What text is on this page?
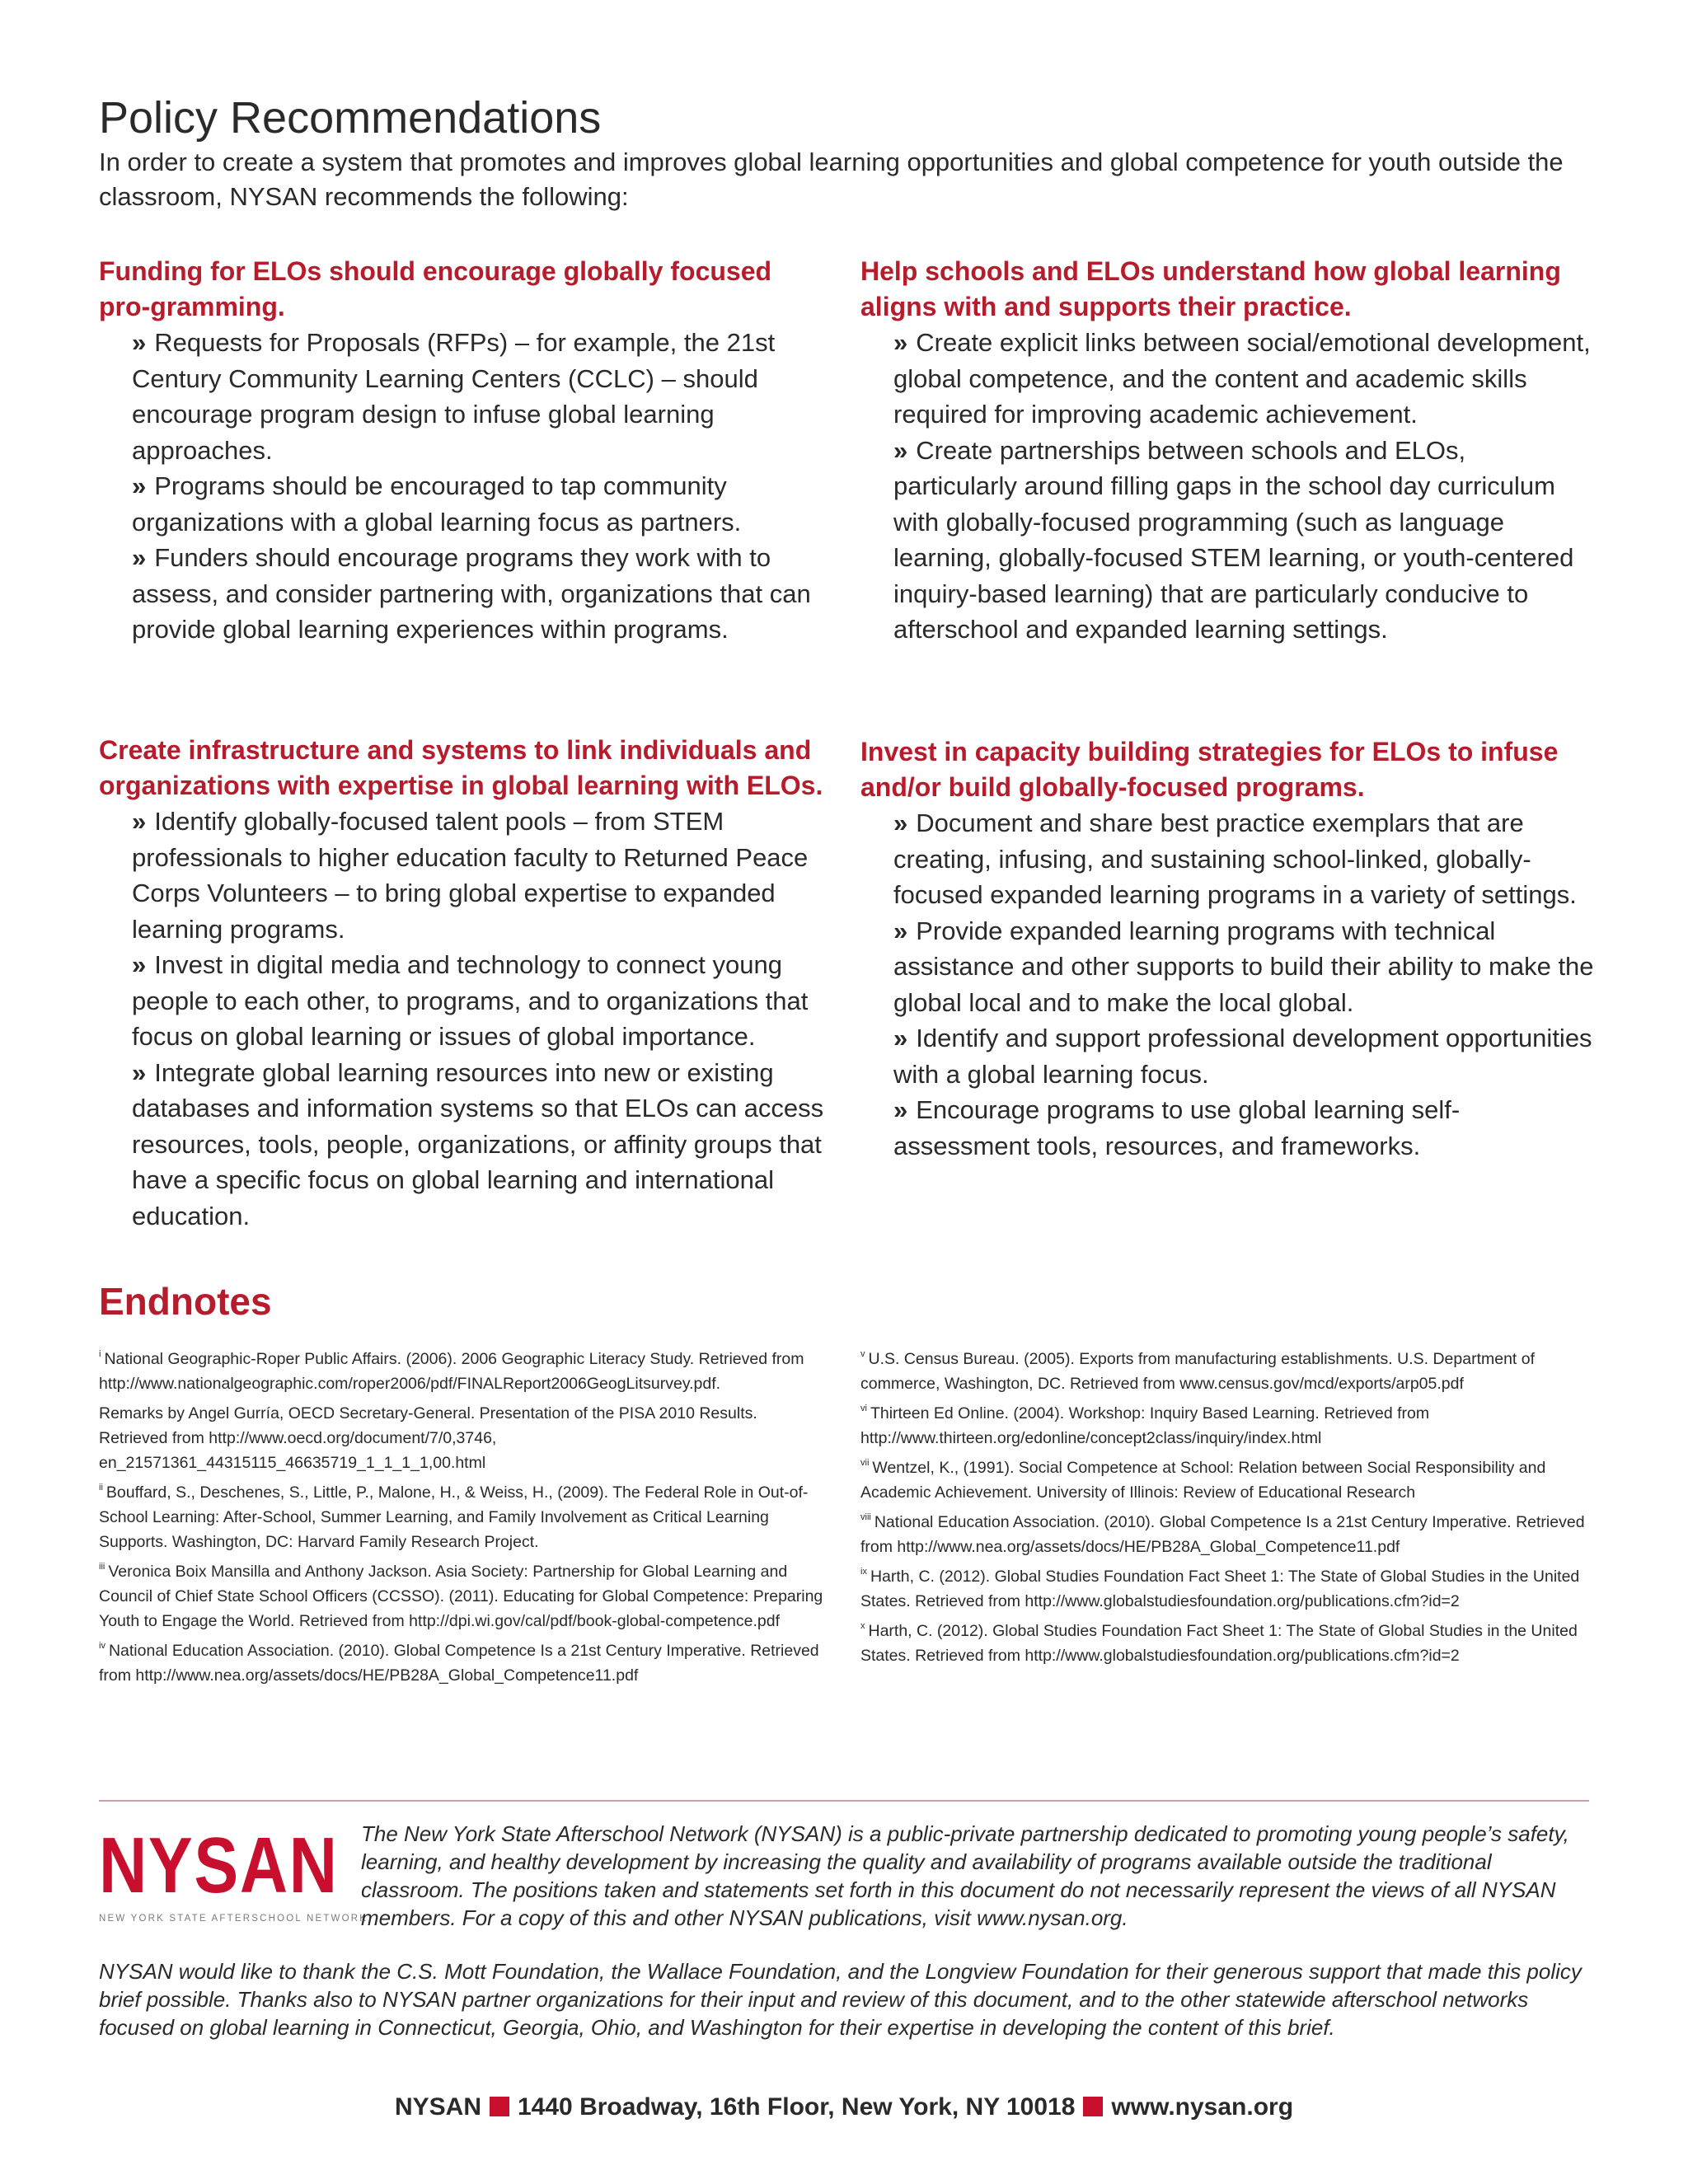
Policy Recommendations

In order to create a system that promotes and improves global learning opportunities and global competence for youth outside the classroom, NYSAN recommends the following:

Funding for ELOs should encourage globally focused pro-gramming.
» Requests for Proposals (RFPs) – for example, the 21st Century Community Learning Centers (CCLC) – should encourage program design to infuse global learning approaches.
» Programs should be encouraged to tap community organizations with a global learning focus as partners.
» Funders should encourage programs they work with to assess, and consider partnering with, organizations that can provide global learning experiences within programs.
Help schools and ELOs understand how global learning aligns with and supports their practice.
» Create explicit links between social/emotional development, global competence, and the content and academic skills required for improving academic achievement.
» Create partnerships between schools and ELOs, particularly around filling gaps in the school day curriculum with globally-focused programming (such as language learning, globally-focused STEM learning, or youth-centered inquiry-based learning) that are particularly conducive to afterschool and expanded learning settings.
Create infrastructure and systems to link individuals and organizations with expertise in global learning with ELOs.
» Identify globally-focused talent pools – from STEM professionals to higher education faculty to Returned Peace Corps Volunteers – to bring global expertise to expanded learning programs.
» Invest in digital media and technology to connect young people to each other, to programs, and to organizations that focus on global learning or issues of global importance.
» Integrate global learning resources into new or existing databases and information systems so that ELOs can access resources, tools, people, organizations, or affinity groups that have a specific focus on global learning and international education.
Invest in capacity building strategies for ELOs to infuse and/or build globally-focused programs.
» Document and share best practice exemplars that are creating, infusing, and sustaining school-linked, globally-focused expanded learning programs in a variety of settings.
» Provide expanded learning programs with technical assistance and other supports to build their ability to make the global local and to make the local global.
» Identify and support professional development opportunities with a global learning focus.
» Encourage programs to use global learning self-assessment tools, resources, and frameworks.
Endnotes

$^i$ National Geographic-Roper Public Affairs. (2006). 2006 Geographic Literacy Study. Retrieved from http://www.nationalgeographic.com/roper2006/pdf/FINALReport2006GeogLitsurvey.pdf.

Remarks by Angel Gurría, OECD Secretary-General. Presentation of the PISA 2010 Results. Retrieved from http://www.oecd.org/document/7/0,3746, en_21571361_44315115_46635719_1_1_1_1,00.html

$^{ii}$ Bouffard, S., Deschenes, S., Little, P., Malone, H., & Weiss, H., (2009). The Federal Role in Out-of-School Learning: After-School, Summer Learning, and Family Involvement as Critical Learning Supports. Washington, DC: Harvard Family Research Project.

$^{iii}$ Veronica Boix Mansilla and Anthony Jackson. Asia Society: Partnership for Global Learning and Council of Chief State School Officers (CCSSO). (2011). Educating for Global Competence: Preparing Youth to Engage the World. Retrieved from http://dpi.wi.gov/cal/pdf/book-global-competence.pdf

$^{iv}$ National Education Association. (2010). Global Competence Is a 21st Century Imperative. Retrieved from http://www.nea.org/assets/docs/HE/PB28A_Global_Competence11.pdf

$^v$ U.S. Census Bureau. (2005). Exports from manufacturing establishments. U.S. Department of commerce, Washington, DC. Retrieved from www.census.gov/mcd/exports/arp05.pdf

$^{vi}$ Thirteen Ed Online. (2004). Workshop: Inquiry Based Learning. Retrieved from http://www.thirteen.org/edonline/concept2class/inquiry/index.html

$^{vii}$ Wentzel, K., (1991). Social Competence at School: Relation between Social Responsibility and Academic Achievement. University of Illinois: Review of Educational Research

$^{viii}$ National Education Association. (2010). Global Competence Is a 21st Century Imperative. Retrieved from http://www.nea.org/assets/docs/HE/PB28A_Global_Competence11.pdf

$^{ix}$ Harth, C. (2012). Global Studies Foundation Fact Sheet 1: The State of Global Studies in the United States. Retrieved from http://www.globalstudiesfoundation.org/publications.cfm?id=2

$^x$ Harth, C. (2012). Global Studies Foundation Fact Sheet 1: The State of Global Studies in the United States. Retrieved from http://www.globalstudiesfoundation.org/publications.cfm?id=2

NYSAN
NEW YORK STATE AFTERSCHOOL NETWORK

The New York State Afterschool Network (NYSAN) is a public-private partnership dedicated to promoting young people’s safety, learning, and healthy development by increasing the quality and availability of programs available outside the traditional classroom. The positions taken and statements set forth in this document do not necessarily represent the views of all NYSAN members. For a copy of this and other NYSAN publications, visit www.nysan.org.

NYSAN would like to thank the C.S. Mott Foundation, the Wallace Foundation, and the Longview Foundation for their generous support that made this policy brief possible. Thanks also to NYSAN partner organizations for their input and review of this document, and to the other statewide afterschool networks focused on global learning in Connecticut, Georgia, Ohio, and Washington for their expertise in developing the content of this brief.

NYSAN 1440 Broadway, 16th Floor, New York, NY 10018 www.nysan.org
